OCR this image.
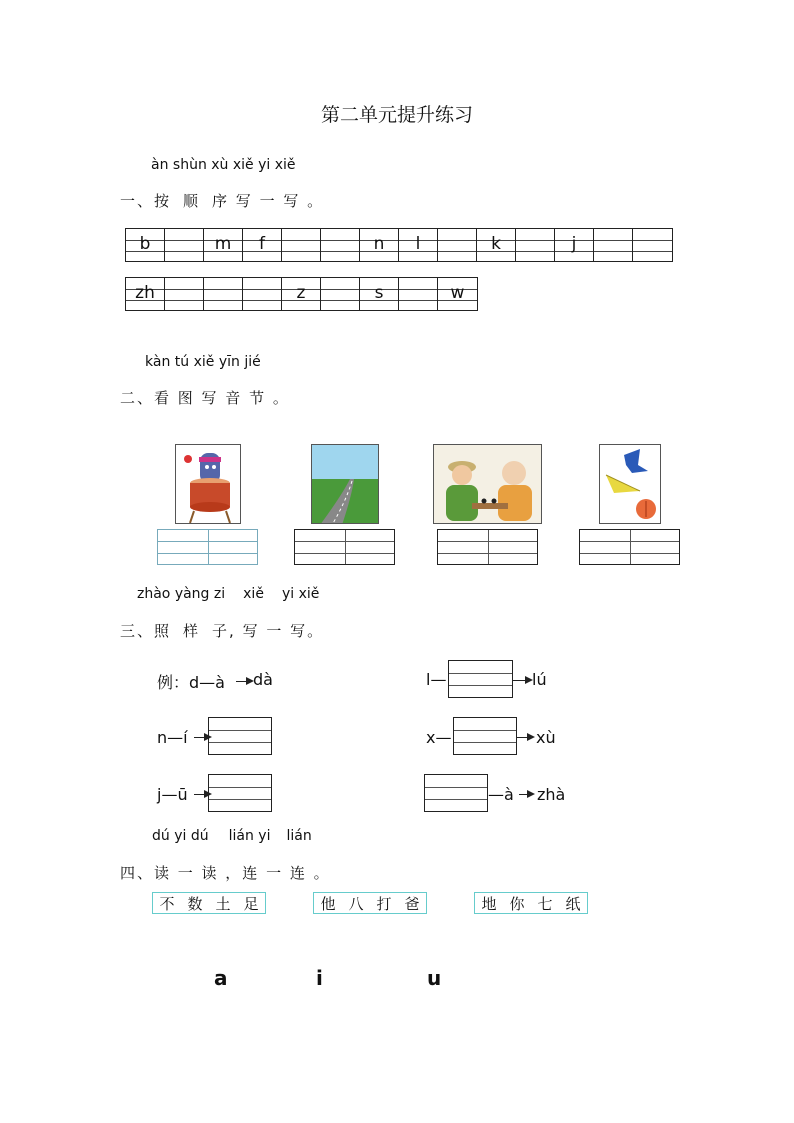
第二单元提升练习
àn shùn xù xiě yi xiě
一、按 顺 序 写 一 写 。
b	m	f	n	l	k	j
zh	z	s	w
kàn tú xiě yīn jié
二、看 图 写 音 节 。
zhào yàng zi xiě yi xiě
三、照 样 子, 写 一 写。
例：d—à dà	l—	lú
n—í	x—	xù
j—ū	—à zhà
dú yi dú lián yi lián
四、读 一 读 ，连 一 连 。
不 数 土 足	他 八 打 爸	地 你 七 纸
a	i	u
